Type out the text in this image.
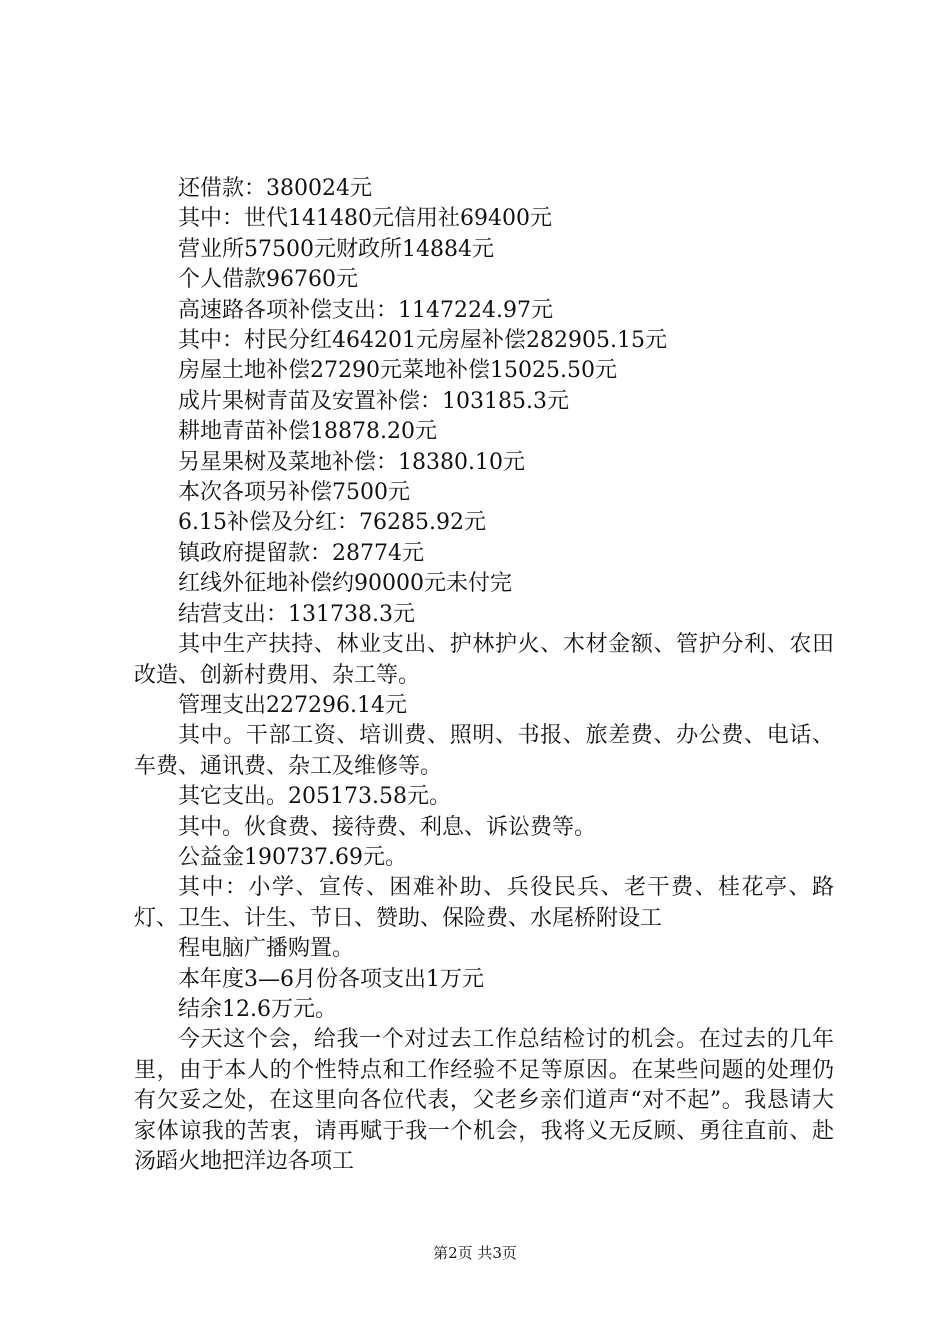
还借款：380024元
其中：世代141480元信用社69400元
营业所57500元财政所14884元
个人借款96760元
高速路各项补偿支出：1147224.97元
其中：村民分红464201元房屋补偿282905.15元
房屋土地补偿27290元菜地补偿15025.50元
成片果树青苗及安置补偿：103185.3元
耕地青苗补偿18878.20元
另星果树及菜地补偿：18380.10元
本次各项另补偿7500元
6.15补偿及分红：76285.92元
镇政府提留款：28774元
红线外征地补偿约90000元未付完
结营支出：131738.3元

其中生产扶持、林业支出、护林护火、木材金额、管护分利、农田改造、创新村费用、杂工等。

管理支出227296.14元

其中。干部工资、培训费、照明、书报、旅差费、办公费、电话、车费、通讯费、杂工及维修等。

其它支出。205173.58元。
其中。伙食费、接待费、利息、诉讼费等。
公益金190737.69元。

其中：小学、宣传、困难补助、兵役民兵、老干费、桂花亭、路灯、卫生、计生、节日、赞助、保险费、水尾桥附设工

程电脑广播购置。
本年度3—6月份各项支出1万元
结余12.6万元。

今天这个会，给我一个对过去工作总结检讨的机会。在过去的几年里，由于本人的个性特点和工作经验不足等原因。在某些问题的处理仍有欠妥之处，在这里向各位代表，父老乡亲们道声“对不起”。我恳请大家体谅我的苦衷，请再赋于我一个机会，我将义无反顾、勇往直前、赴汤蹈火地把洋边各项工

第2页 共3页
